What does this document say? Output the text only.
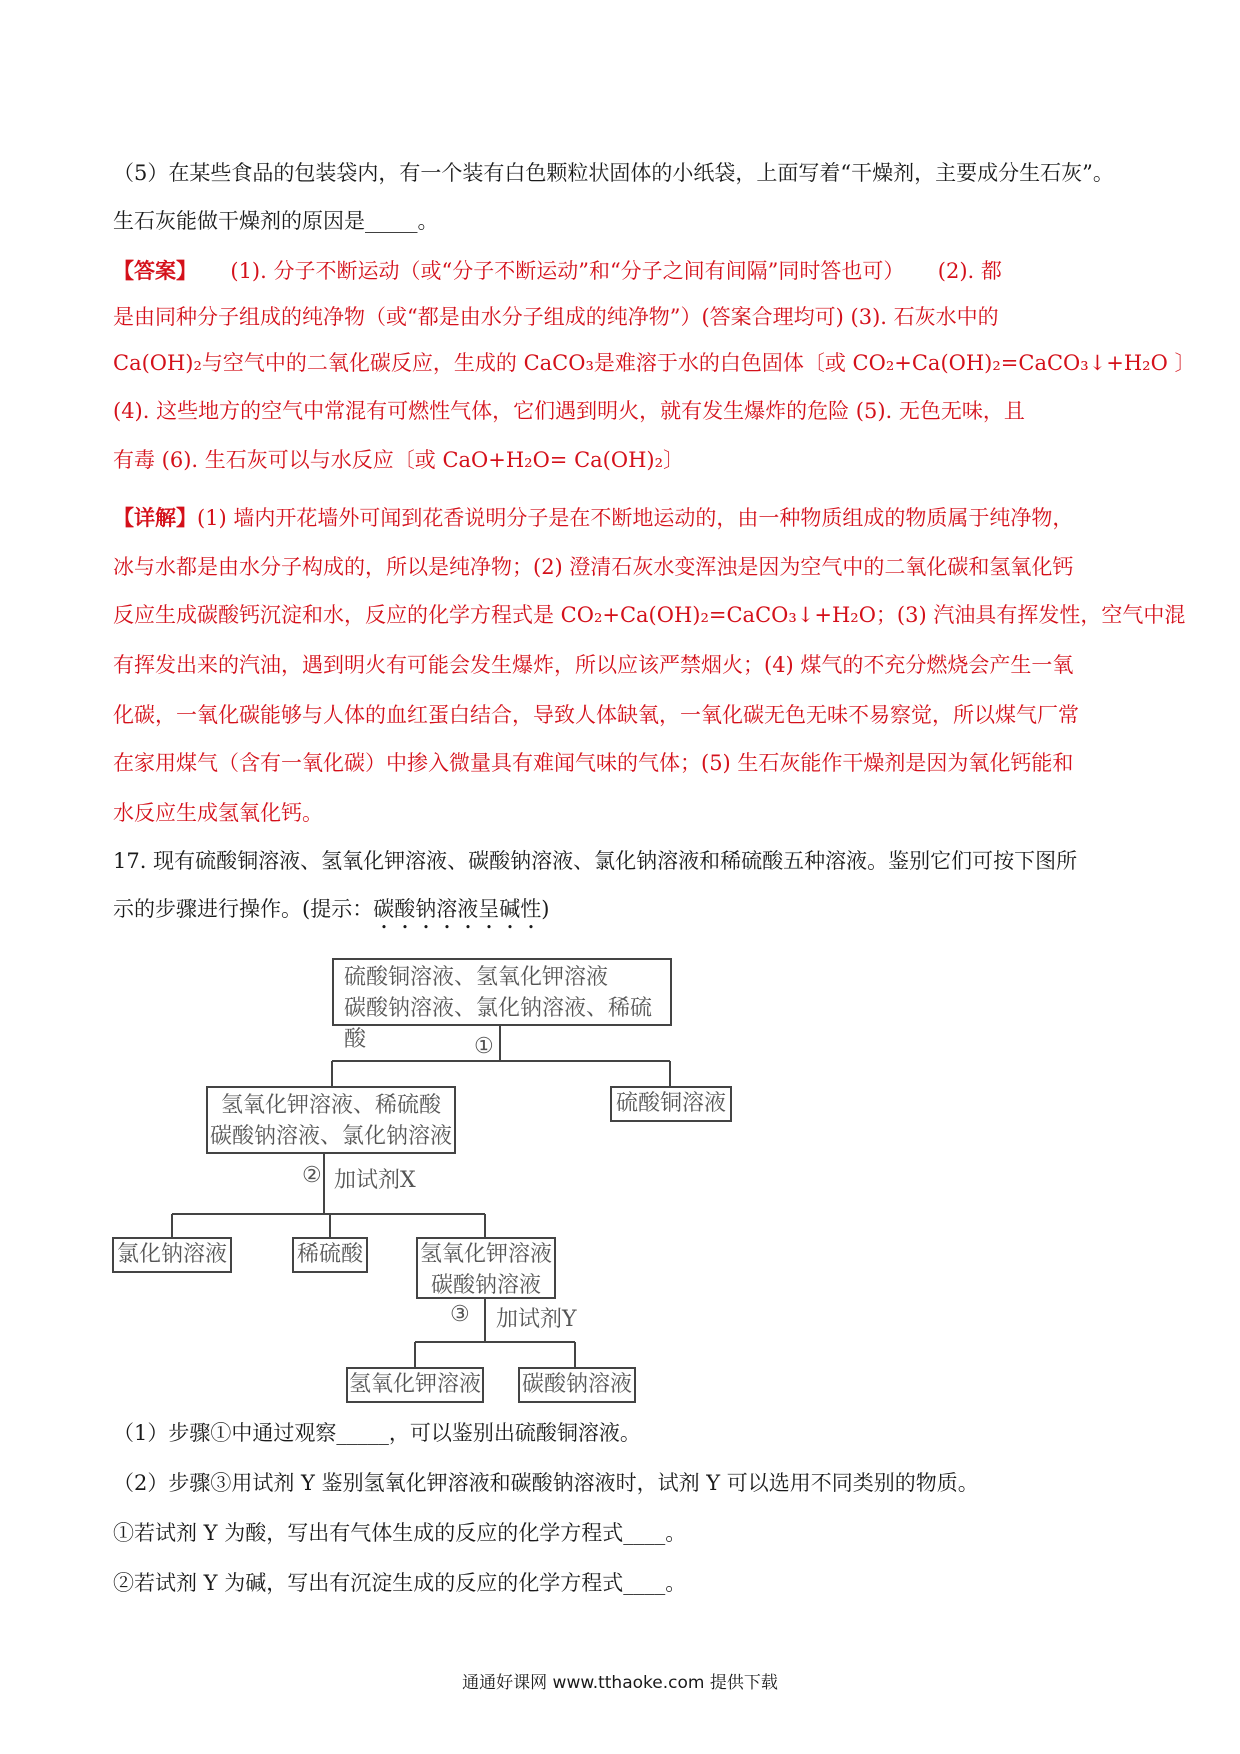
（5）在某些食品的包装袋内，有一个装有白色颗粒状固体的小纸袋，上面写着“干燥剂，主要成分生石灰”。
生石灰能做干燥剂的原因是_____。
【答案】     (1). 分子不断运动（或“分子不断运动”和“分子之间有间隔”同时答也可）     (2). 都
是由同种分子组成的纯净物（或“都是由水分子组成的纯净物”）(答案合理均可) (3). 石灰水中的
Ca(OH)₂与空气中的二氧化碳反应，生成的 CaCO₃是难溶于水的白色固体〔或 CO₂+Ca(OH)₂=CaCO₃↓+H₂O 〕
(4). 这些地方的空气中常混有可燃性气体，它们遇到明火，就有发生爆炸的危险 (5). 无色无味，且
有毒 (6). 生石灰可以与水反应〔或 CaO+H₂O= Ca(OH)₂〕
【详解】(1) 墙内开花墙外可闻到花香说明分子是在不断地运动的，由一种物质组成的物质属于纯净物，
冰与水都是由水分子构成的，所以是纯净物；(2) 澄清石灰水变浑浊是因为空气中的二氧化碳和氢氧化钙
反应生成碳酸钙沉淀和水，反应的化学方程式是 CO₂+Ca(OH)₂=CaCO₃↓+H₂O；(3) 汽油具有挥发性，空气中混
有挥发出来的汽油，遇到明火有可能会发生爆炸，所以应该严禁烟火；(4) 煤气的不充分燃烧会产生一氧
化碳，一氧化碳能够与人体的血红蛋白结合，导致人体缺氧，一氧化碳无色无味不易察觉，所以煤气厂常
在家用煤气（含有一氧化碳）中掺入微量具有难闻气味的气体；(5) 生石灰能作干燥剂是因为氧化钙能和
水反应生成氢氧化钙。
17. 现有硫酸铜溶液、氢氧化钾溶液、碳酸钠溶液、氯化钠溶液和稀硫酸五种溶液。鉴别它们可按下图所
示的步骤进行操作。(提示：碳酸钠溶液呈碱性)
硫酸铜溶液、氢氧化钾溶液
碳酸钠溶液、氯化钠溶液、稀硫酸	①
氢氧化钾溶液、稀硫酸
碳酸钠溶液、氯化钠溶液
硫酸铜溶液
② 加试剂X
氯化钠溶液	稀硫酸	氢氧化钾溶液
碳酸钠溶液
③ 加试剂Y
氢氧化钾溶液 碳酸钠溶液
（1）步骤①中通过观察_____，可以鉴别出硫酸铜溶液。
（2）步骤③用试剂 Y 鉴别氢氧化钾溶液和碳酸钠溶液时，试剂 Y 可以选用不同类别的物质。
①若试剂 Y 为酸，写出有气体生成的反应的化学方程式____。
②若试剂 Y 为碱，写出有沉淀生成的反应的化学方程式____。
通通好课网 www.tthaoke.com 提供下载
